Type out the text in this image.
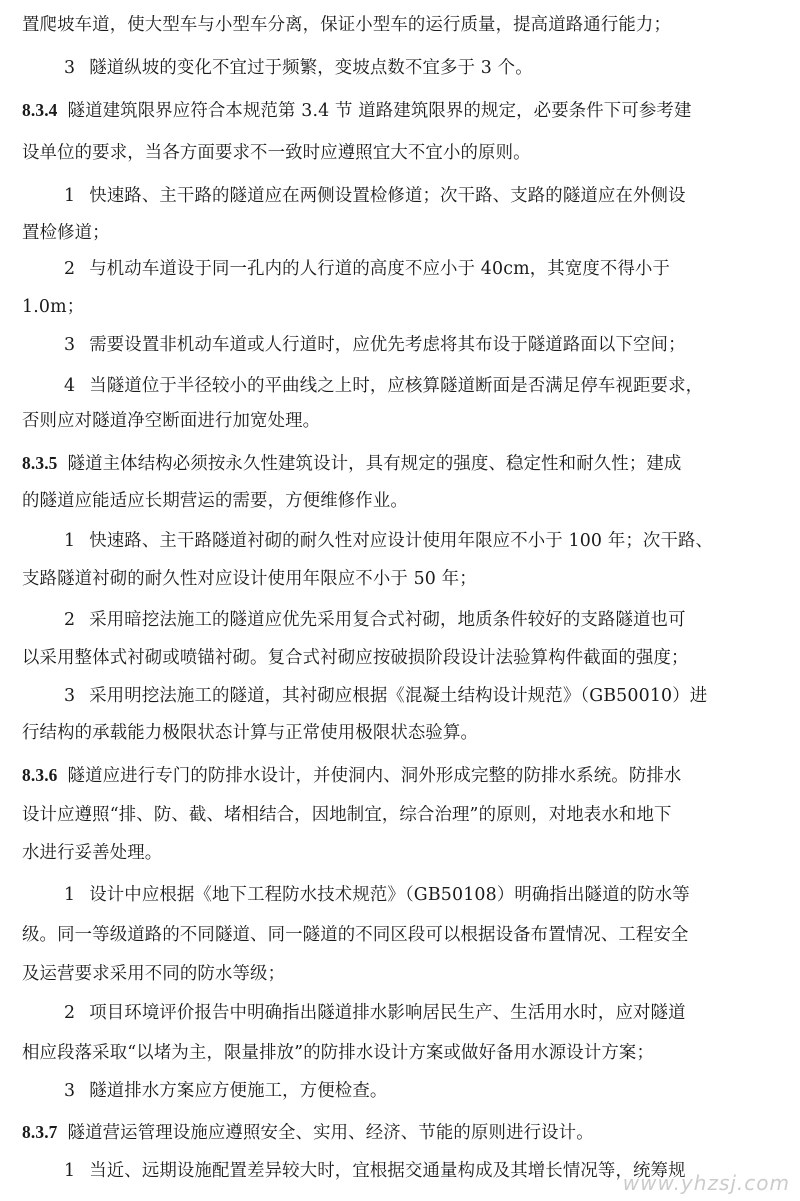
置爬坡车道，使大型车与小型车分离，保证小型车的运行质量，提高道路通行能力；
3 隧道纵坡的变化不宜过于频繁，变坡点数不宜多于 3 个。
8.3.4 隧道建筑限界应符合本规范第 3.4 节 道路建筑限界的规定，必要条件下可参考建
设单位的要求，当各方面要求不一致时应遵照宜大不宜小的原则。
1 快速路、主干路的隧道应在两侧设置检修道；次干路、支路的隧道应在外侧设
置检修道；
2 与机动车道设于同一孔内的人行道的高度不应小于 40cm，其宽度不得小于
1.0m；
3 需要设置非机动车道或人行道时，应优先考虑将其布设于隧道路面以下空间；
4 当隧道位于半径较小的平曲线之上时，应核算隧道断面是否满足停车视距要求，
否则应对隧道净空断面进行加宽处理。
8.3.5 隧道主体结构必须按永久性建筑设计，具有规定的强度、稳定性和耐久性；建成
的隧道应能适应长期营运的需要，方便维修作业。
1 快速路、主干路隧道衬砌的耐久性对应设计使用年限应不小于 100 年；次干路、
支路隧道衬砌的耐久性对应设计使用年限应不小于 50 年；
2 采用暗挖法施工的隧道应优先采用复合式衬砌，地质条件较好的支路隧道也可
以采用整体式衬砌或喷锚衬砌。复合式衬砌应按破损阶段设计法验算构件截面的强度；
3 采用明挖法施工的隧道，其衬砌应根据《混凝土结构设计规范》（GB50010）进
行结构的承载能力极限状态计算与正常使用极限状态验算。
8.3.6 隧道应进行专门的防排水设计，并使洞内、洞外形成完整的防排水系统。防排水
设计应遵照“排、防、截、堵相结合，因地制宜，综合治理”的原则，对地表水和地下
水进行妥善处理。
1 设计中应根据《地下工程防水技术规范》（GB50108）明确指出隧道的防水等
级。同一等级道路的不同隧道、同一隧道的不同区段可以根据设备布置情况、工程安全
及运营要求采用不同的防水等级；
2 项目环境评价报告中明确指出隧道排水影响居民生产、生活用水时，应对隧道
相应段落采取“以堵为主，限量排放”的防排水设计方案或做好备用水源设计方案；
3 隧道排水方案应方便施工，方便检查。
8.3.7 隧道营运管理设施应遵照安全、实用、经济、节能的原则进行设计。
1 当近、远期设施配置差异较大时，宜根据交通量构成及其增长情况等，统筹规
www.yhzsj.com
